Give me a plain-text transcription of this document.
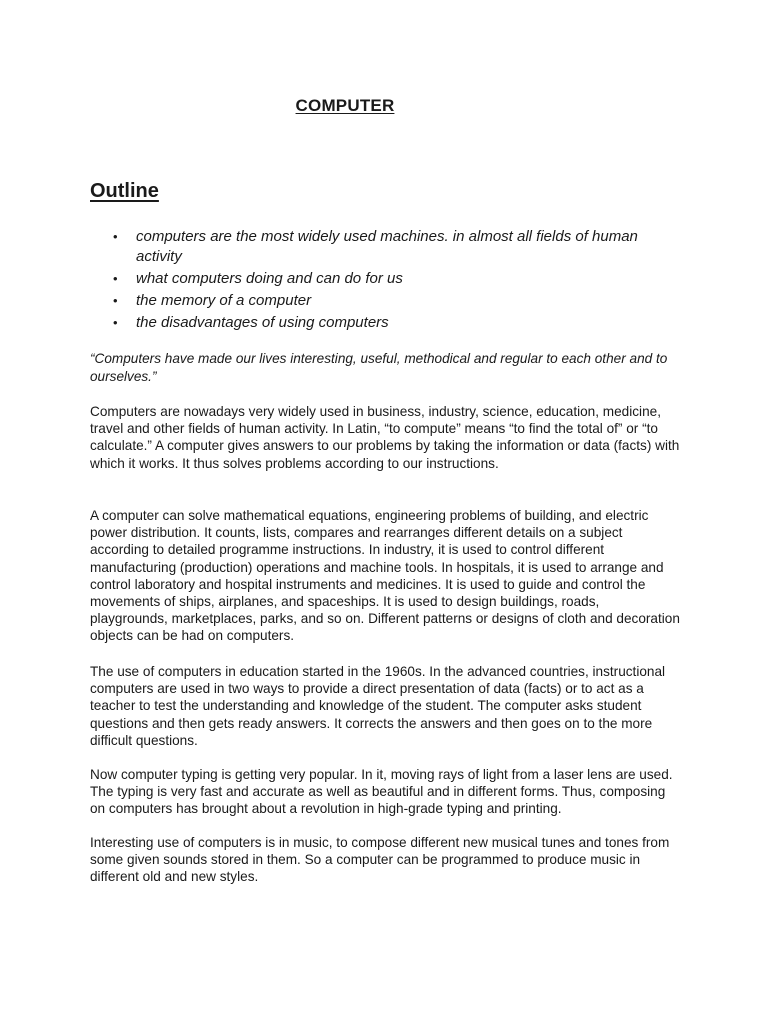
COMPUTER
Outline
• computers are the most widely used machines. in almost all fields of human activity
• what computers doing and can do for us
• the memory of a computer
• the disadvantages of using computers

“Computers have made our lives interesting, useful, methodical and regular to each other and to ourselves.”

Computers are nowadays very widely used in business, industry, science, education, medicine, travel and other fields of human activity. In Latin, “to compute” means “to find the total of” or “to calculate.” A computer gives answers to our problems by taking the information or data (facts) with which it works. It thus solves problems according to our instructions.

A computer can solve mathematical equations, engineering problems of building, and electric power distribution. It counts, lists, compares and rearranges different details on a subject according to detailed programme instructions. In industry, it is used to control different manufacturing (production) operations and machine tools. In hospitals, it is used to arrange and control laboratory and hospital instruments and medicines. It is used to guide and control the movements of ships, airplanes, and spaceships. It is used to design buildings, roads, playgrounds, marketplaces, parks, and so on. Different patterns or designs of cloth and decoration objects can be had on computers.

The use of computers in education started in the 1960s. In the advanced countries, instructional computers are used in two ways to provide a direct presentation of data (facts) or to act as a teacher to test the understanding and knowledge of the student. The computer asks student questions and then gets ready answers. It corrects the answers and then goes on to the more difficult questions.

Now computer typing is getting very popular. In it, moving rays of light from a laser lens are used. The typing is very fast and accurate as well as beautiful and in different forms. Thus, composing on computers has brought about a revolution in high-grade typing and printing.

Interesting use of computers is in music, to compose different new musical tunes and tones from some given sounds stored in them. So a computer can be programmed to produce music in different old and new styles.
